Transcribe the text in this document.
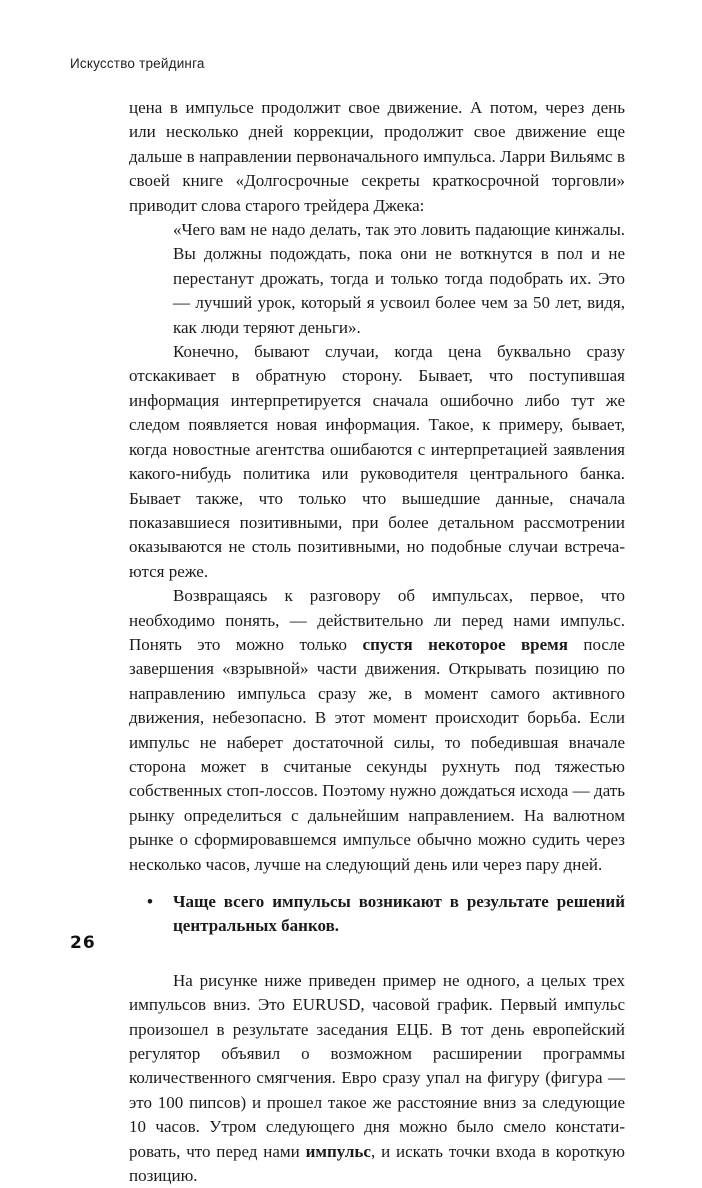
Искусство трейдинга

цена в импульсе продолжит свое движение. А потом, через день или несколько дней коррекции, продолжит свое движение еще дальше в направлении первоначального импульса. Ларри Вильямс в своей книге «Долгосрочные секреты краткосрочной торговли» приводит слова старого трейдера Джека:

«Чего вам не надо делать, так это ловить падающие кинжалы. Вы должны подождать, пока они не воткнутся в пол и не перестанут дрожать, тогда и только тогда подобрать их. Это — лучший урок, который я усвоил более чем за 50 лет, видя, как люди теряют деньги».

Конечно, бывают случаи, когда цена буквально сразу отскакивает в обратную сторону. Бывает, что поступившая информация интерпретируется сначала ошибочно либо тут же следом появляется новая информация. Такое, к примеру, бывает, когда новостные агентства ошибаются с интерпретацией заявления какого-нибудь политика или руководителя центрального банка. Бывает также, что только что вышедшие данные, сначала показавшиеся позитивными, при более детальном рассмотрении оказываются не столь позитивными, но подобные случаи встречаются реже.

Возвращаясь к разговору об импульсах, первое, что необходимо понять, — действительно ли перед нами импульс. Понять это можно только спустя некоторое время после завершения «взрывной» части движения. Открывать позицию по направлению импульса сразу же, в момент самого активного движения, небезопасно. В этот момент происходит борьба. Если импульс не наберет достаточной силы, то победившая вначале сторона может в считаные секунды рухнуть под тяжестью собственных стоп-лоссов. Поэтому нужно дождаться исхода — дать рынку определиться с дальнейшим направлением. На валютном рынке о сформировавшемся импульсе обычно можно судить через несколько часов, лучше на следующий день или через пару дней.

• Чаще всего импульсы возникают в результате решений центральных банков.

На рисунке ниже приведен пример не одного, а целых трех импульсов вниз. Это EURUSD, часовой график. Первый импульс произошел в результате заседания ЕЦБ. В тот день европейский регулятор объявил о возможном расширении программы количественного смягчения. Евро сразу упал на фигуру (фигура — это 100 пипсов) и прошел такое же расстояние вниз за следующие 10 часов. Утром следующего дня можно было смело констатировать, что перед нами импульс, и искать точки входа в короткую позицию.

26
